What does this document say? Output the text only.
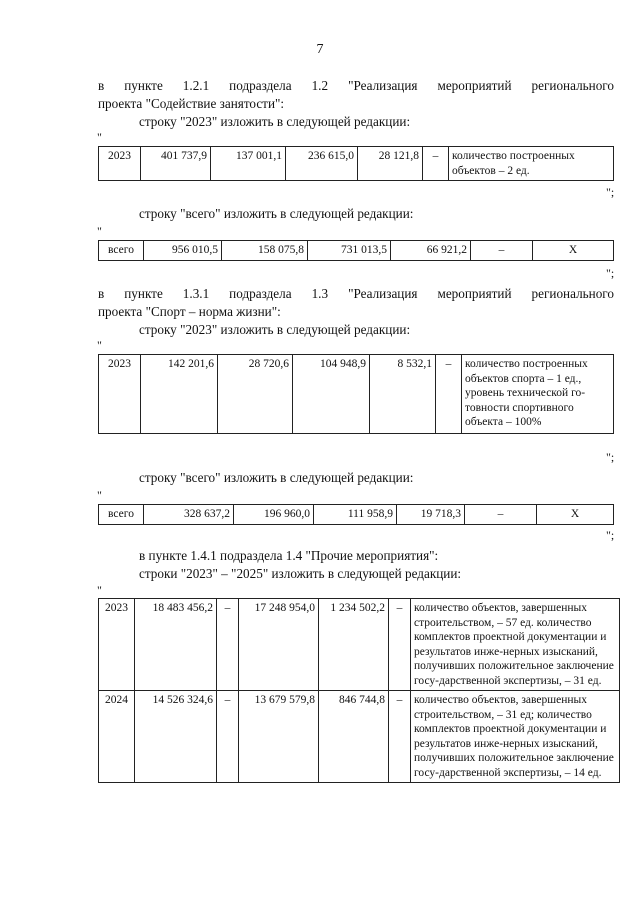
7
в пункте 1.2.1 подраздела 1.2 "Реализация мероприятий регионального
проекта "Содействие занятости":
строку "2023" изложить в следующей редакции:
"
2023	401 737,9	137 001,1	236 615,0	28 121,8	–	количество построенных объектов – 2 ед.
";
строку "всего" изложить в следующей редакции:
"
всего	956 010,5	158 075,8	731 013,5	66 921,2	–	X
";
в пункте 1.3.1 подраздела 1.3 "Реализация мероприятий регионального
проекта "Спорт – норма жизни":
строку "2023" изложить в следующей редакции:
"
2023	142 201,6	28 720,6	104 948,9	8 532,1	–	количество построенных объектов спорта – 1 ед., уровень технической го-товности спортивного объекта – 100%
";
строку "всего" изложить в следующей редакции:
"
всего	328 637,2	196 960,0	111 958,9	19 718,3	–	X
";
в пункте 1.4.1 подраздела 1.4 "Прочие мероприятия":
строки "2023" – "2025" изложить в следующей редакции:
"
2023	18 483 456,2	–	17 248 954,0	1 234 502,2	–	количество объектов, завершенных строительством, – 57 ед. количество комплектов проектной документации и результатов инже-нерных изысканий, получивших положительное заключение госу-дарственной экспертизы, – 31 ед.
2024	14 526 324,6	–	13 679 579,8	846 744,8	–	количество объектов, завершенных строительством, – 31 ед; количество комплектов проектной документации и результатов инже-нерных изысканий, получивших положительное заключение госу-дарственной экспертизы, – 14 ед.
